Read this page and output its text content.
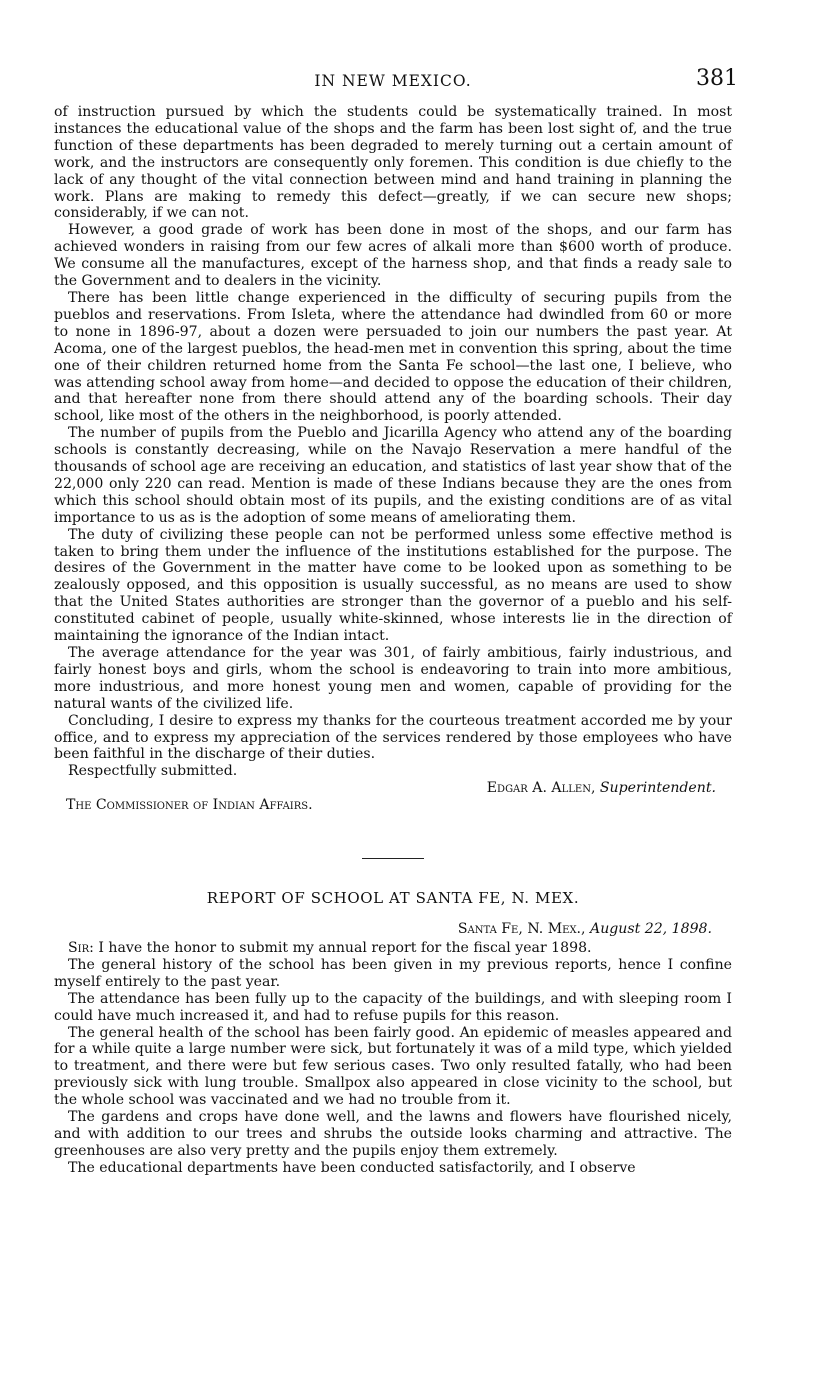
IN NEW MEXICO.	381

of instruction pursued by which the students could be systematically trained. In most instances the educational value of the shops and the farm has been lost sight of, and the true function of these departments has been degraded to merely turning out a certain amount of work, and the instructors are consequently only foremen. This condition is due chiefly to the lack of any thought of the vital connection between mind and hand training in planning the work. Plans are making to remedy this defect—greatly, if we can secure new shops; considerably, if we can not.

However, a good grade of work has been done in most of the shops, and our farm has achieved wonders in raising from our few acres of alkali more than $600 worth of produce. We consume all the manufactures, except of the harness shop, and that finds a ready sale to the Government and to dealers in the vicinity.

There has been little change experienced in the difficulty of securing pupils from the pueblos and reservations. From Isleta, where the attendance had dwindled from 60 or more to none in 1896-97, about a dozen were persuaded to join our numbers the past year. At Acoma, one of the largest pueblos, the head-men met in convention this spring, about the time one of their children returned home from the Santa Fe school—the last one, I believe, who was attending school away from home—and decided to oppose the education of their children, and that hereafter none from there should attend any of the boarding schools. Their day school, like most of the others in the neighborhood, is poorly attended.

The number of pupils from the Pueblo and Jicarilla Agency who attend any of the boarding schools is constantly decreasing, while on the Navajo Reservation a mere handful of the thousands of school age are receiving an education, and statistics of last year show that of the 22,000 only 220 can read. Mention is made of these Indians because they are the ones from which this school should obtain most of its pupils, and the existing conditions are of as vital importance to us as is the adoption of some means of ameliorating them.

The duty of civilizing these people can not be performed unless some effective method is taken to bring them under the influence of the institutions established for the purpose. The desires of the Government in the matter have come to be looked upon as something to be zealously opposed, and this opposition is usually successful, as no means are used to show that the United States authorities are stronger than the governor of a pueblo and his self-constituted cabinet of people, usually white-skinned, whose interests lie in the direction of maintaining the ignorance of the Indian intact.

The average attendance for the year was 301, of fairly ambitious, fairly industrious, and fairly honest boys and girls, whom the school is endeavoring to train into more ambitious, more industrious, and more honest young men and women, capable of providing for the natural wants of the civilized life.

Concluding, I desire to express my thanks for the courteous treatment accorded me by your office, and to express my appreciation of the services rendered by those employees who have been faithful in the discharge of their duties.

Respectfully submitted.

Edgar A. Allen, Superintendent.

The Commissioner of Indian Affairs.

REPORT OF SCHOOL AT SANTA FE, N. MEX.

Santa Fe, N. Mex., August 22, 1898.

Sir: I have the honor to submit my annual report for the fiscal year 1898.

The general history of the school has been given in my previous reports, hence I confine myself entirely to the past year.

The attendance has been fully up to the capacity of the buildings, and with sleeping room I could have much increased it, and had to refuse pupils for this reason.

The general health of the school has been fairly good. An epidemic of measles appeared and for a while quite a large number were sick, but fortunately it was of a mild type, which yielded to treatment, and there were but few serious cases. Two only resulted fatally, who had been previously sick with lung trouble. Smallpox also appeared in close vicinity to the school, but the whole school was vaccinated and we had no trouble from it.

The gardens and crops have done well, and the lawns and flowers have flourished nicely, and with addition to our trees and shrubs the outside looks charming and attractive. The greenhouses are also very pretty and the pupils enjoy them extremely.

The educational departments have been conducted satisfactorily, and I observe
